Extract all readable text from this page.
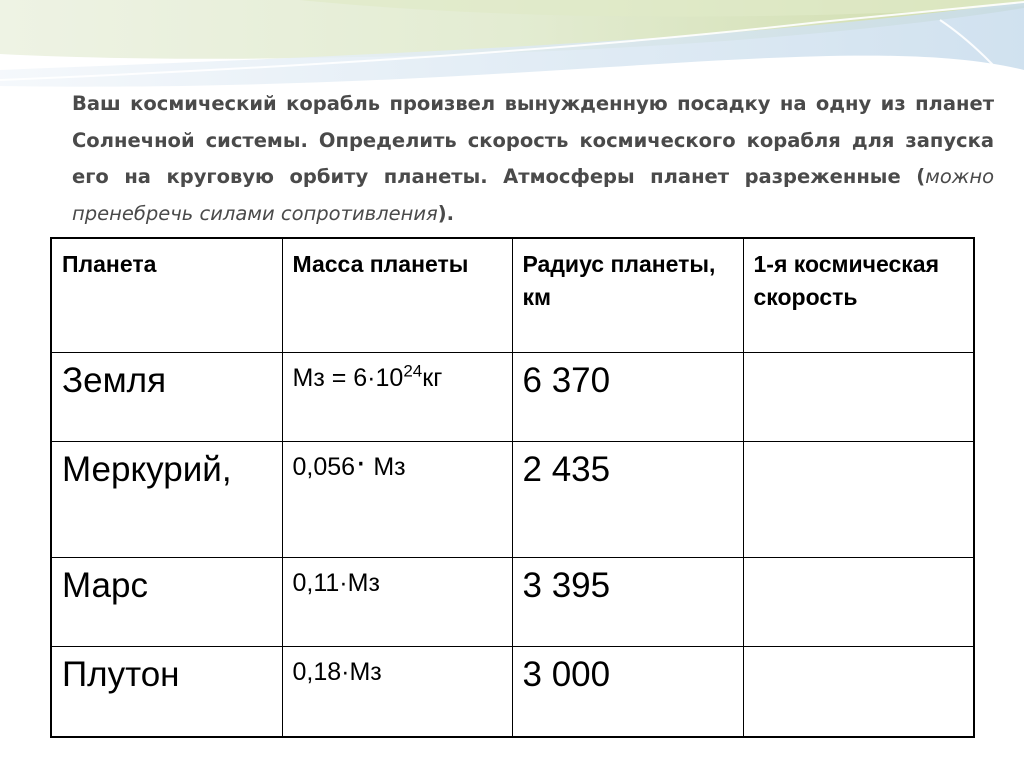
Ваш космический корабль произвел вынужденную посадку на одну из планет Солнечной системы. Определить скорость космического корабля для запуска его на круговую орбиту планеты. Атмосферы планет разреженные (можно пренебречь силами сопротивления).
Планета	Масса планеты	Радиус планеты, км	1-я космическая скорость
Земля	Мз = $6\cdot 10^{24}кг$	6 370	
Меркурий,	0,056· Мз	2 435	
Марс	0,11·Мз	3 395	
Плутон	0,18·Мз	3 000	
